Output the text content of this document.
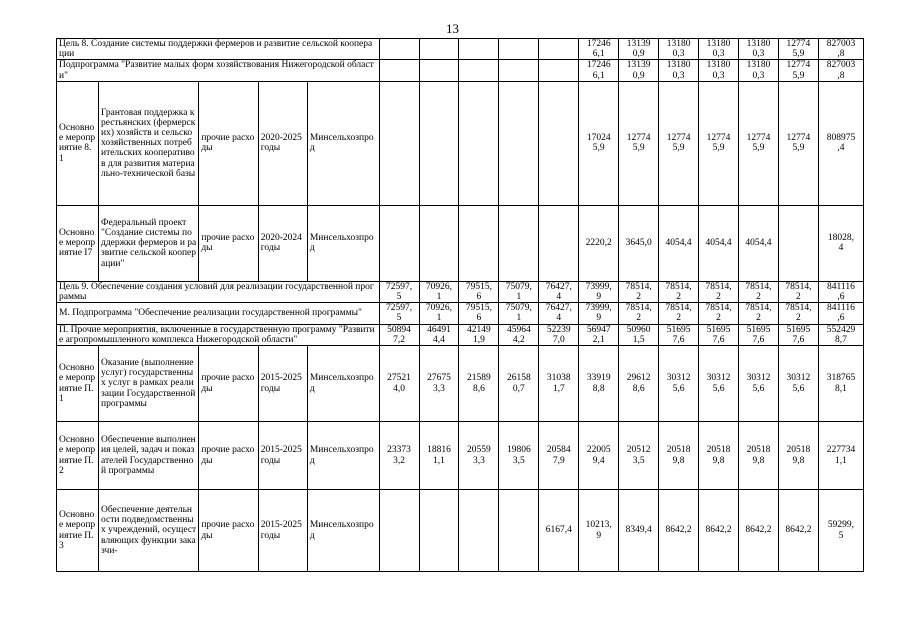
13
Цель 8. Создание системы поддержки фермеров и развитие сельской кооперации										17246
6,1	13139
0,9	13180
0,3	13180
0,3	13180
0,3	12774
5,9	827003
,8
Подпрограмма "Развитие малых форм хозяйствования Нижегородской области"										17246
6,1	13139
0,9	13180
0,3	13180
0,3	13180
0,3	12774
5,9	827003
,8
Основное мероприятие 8.1	Грантовая поддержка крестьянских (фермерских) хозяйств и сельскохозяйственных потребительских кооперативов для развития материально-технической базы	прочие расходы	2020-2025 годы	Минсельхозпрод						17024
5,9	12774
5,9	12774
5,9	12774
5,9	12774
5,9	12774
5,9	808975
,4
Основное мероприятие I7	Федеральный проект "Создание системы поддержки фермеров и развитие сельской кооперации"	прочие расходы	2020-2024 годы	Минсельхозпрод						2220,2	3645,0	4054,4	4054,4	4054,4		18028,
4
Цель 9. Обеспечение создания условий для реализации государственной программы					72597,
5	70926,
1	79515,
6	75079,
1	76427,
4	73999,
9	78514,
2	78514,
2	78514,
2	78514,
2	78514,
2	841116
,6
М. Подпрограмма "Обеспечение реализации государственной программы"					72597,
5	70926,
1	79515,
6	75079,
1	76427,
4	73999,
9	78514,
2	78514,
2	78514,
2	78514,
2	78514,
2	841116
,6
П. Прочие мероприятия, включенные в государственную программу "Развитие агропромышленного комплекса Нижегородской области"					50894
7,2	46491
4,4	42149
1,9	45964
4,2	52239
7,0	56947
2,1	50960
1,5	51695
7,6	51695
7,6	51695
7,6	51695
7,6	552429
8,7
Основное мероприятие П.1	Оказание (выполнение услуг) государственных услуг в рамках реализации Государственной программы	прочие расходы	2015-2025 годы	Минсельхозпрод	27521
4,0	27675
3,3	21589
8,6	26158
0,7	31038
1,7	33919
8,8	29612
8,6	30312
5,6	30312
5,6	30312
5,6	30312
5,6	318765
8,1
Основное мероприятие П.2	Обеспечение выполнения целей, задач и показателей Государственной программы	прочие расходы	2015-2025 годы	Минсельхозпрод	23373
3,2	18816
1,1	20559
3,3	19806
3,5	20584
7,9	22005
9,4	20512
3,5	20518
9,8	20518
9,8	20518
9,8	20518
9,8	227734
1,1
Основное мероприятие П.3	Обеспечение деятельности подведомственных учреждений, осуществляющих функции заказчи-	прочие расходы	2015-2025 годы	Минсельхозпрод					6167,4	10213,
9	8349,4	8642,2	8642,2	8642,2	8642,2	59299,
5
